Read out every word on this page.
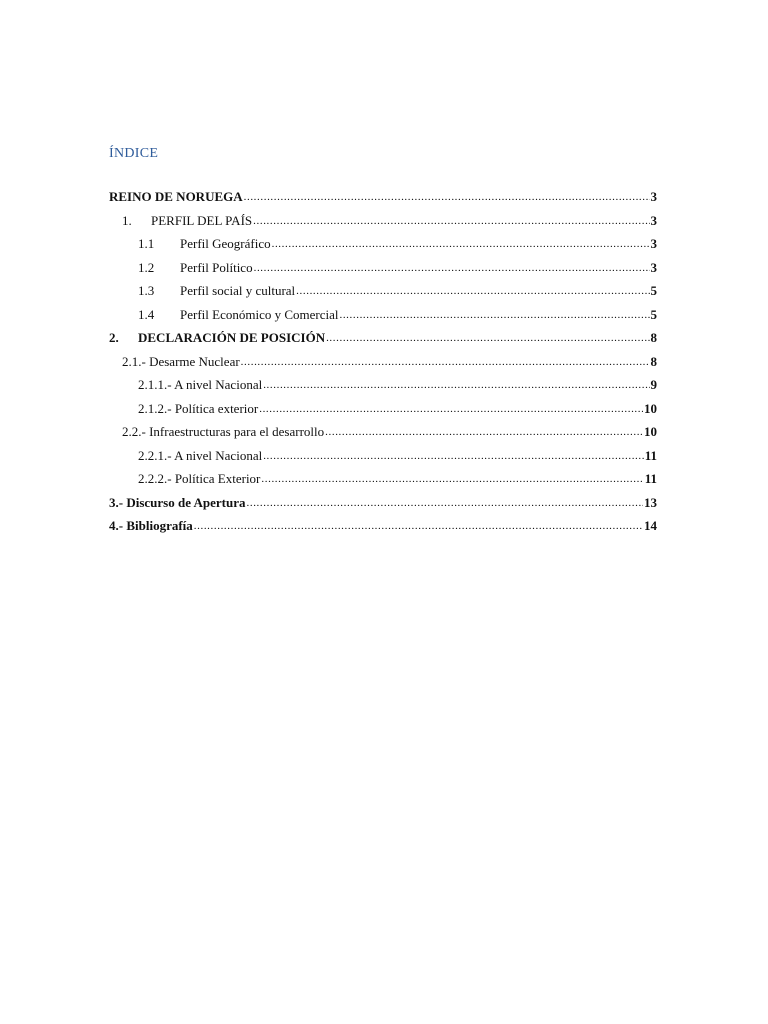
ÍNDICE
REINO DE NORUEGA .....	3
1.	PERFIL DEL PAÍS .....	3
1.1	Perfil Geográfico .....	3
1.2	Perfil Político .....	3
1.3	Perfil social y cultural .....	5
1.4	Perfil Económico y Comercial .....	5
2.	DECLARACIÓN DE POSICIÓN .....	8
2.1.- Desarme Nuclear .....	8
2.1.1.- A nivel Nacional .....	9
2.1.2.- Política exterior .....	10
2.2.- Infraestructuras para el desarrollo .....	10
2.2.1.- A nivel Nacional .....	11
2.2.2.- Política Exterior .....	11
3.- Discurso de Apertura .....	13
4.- Bibliografía .....	14
